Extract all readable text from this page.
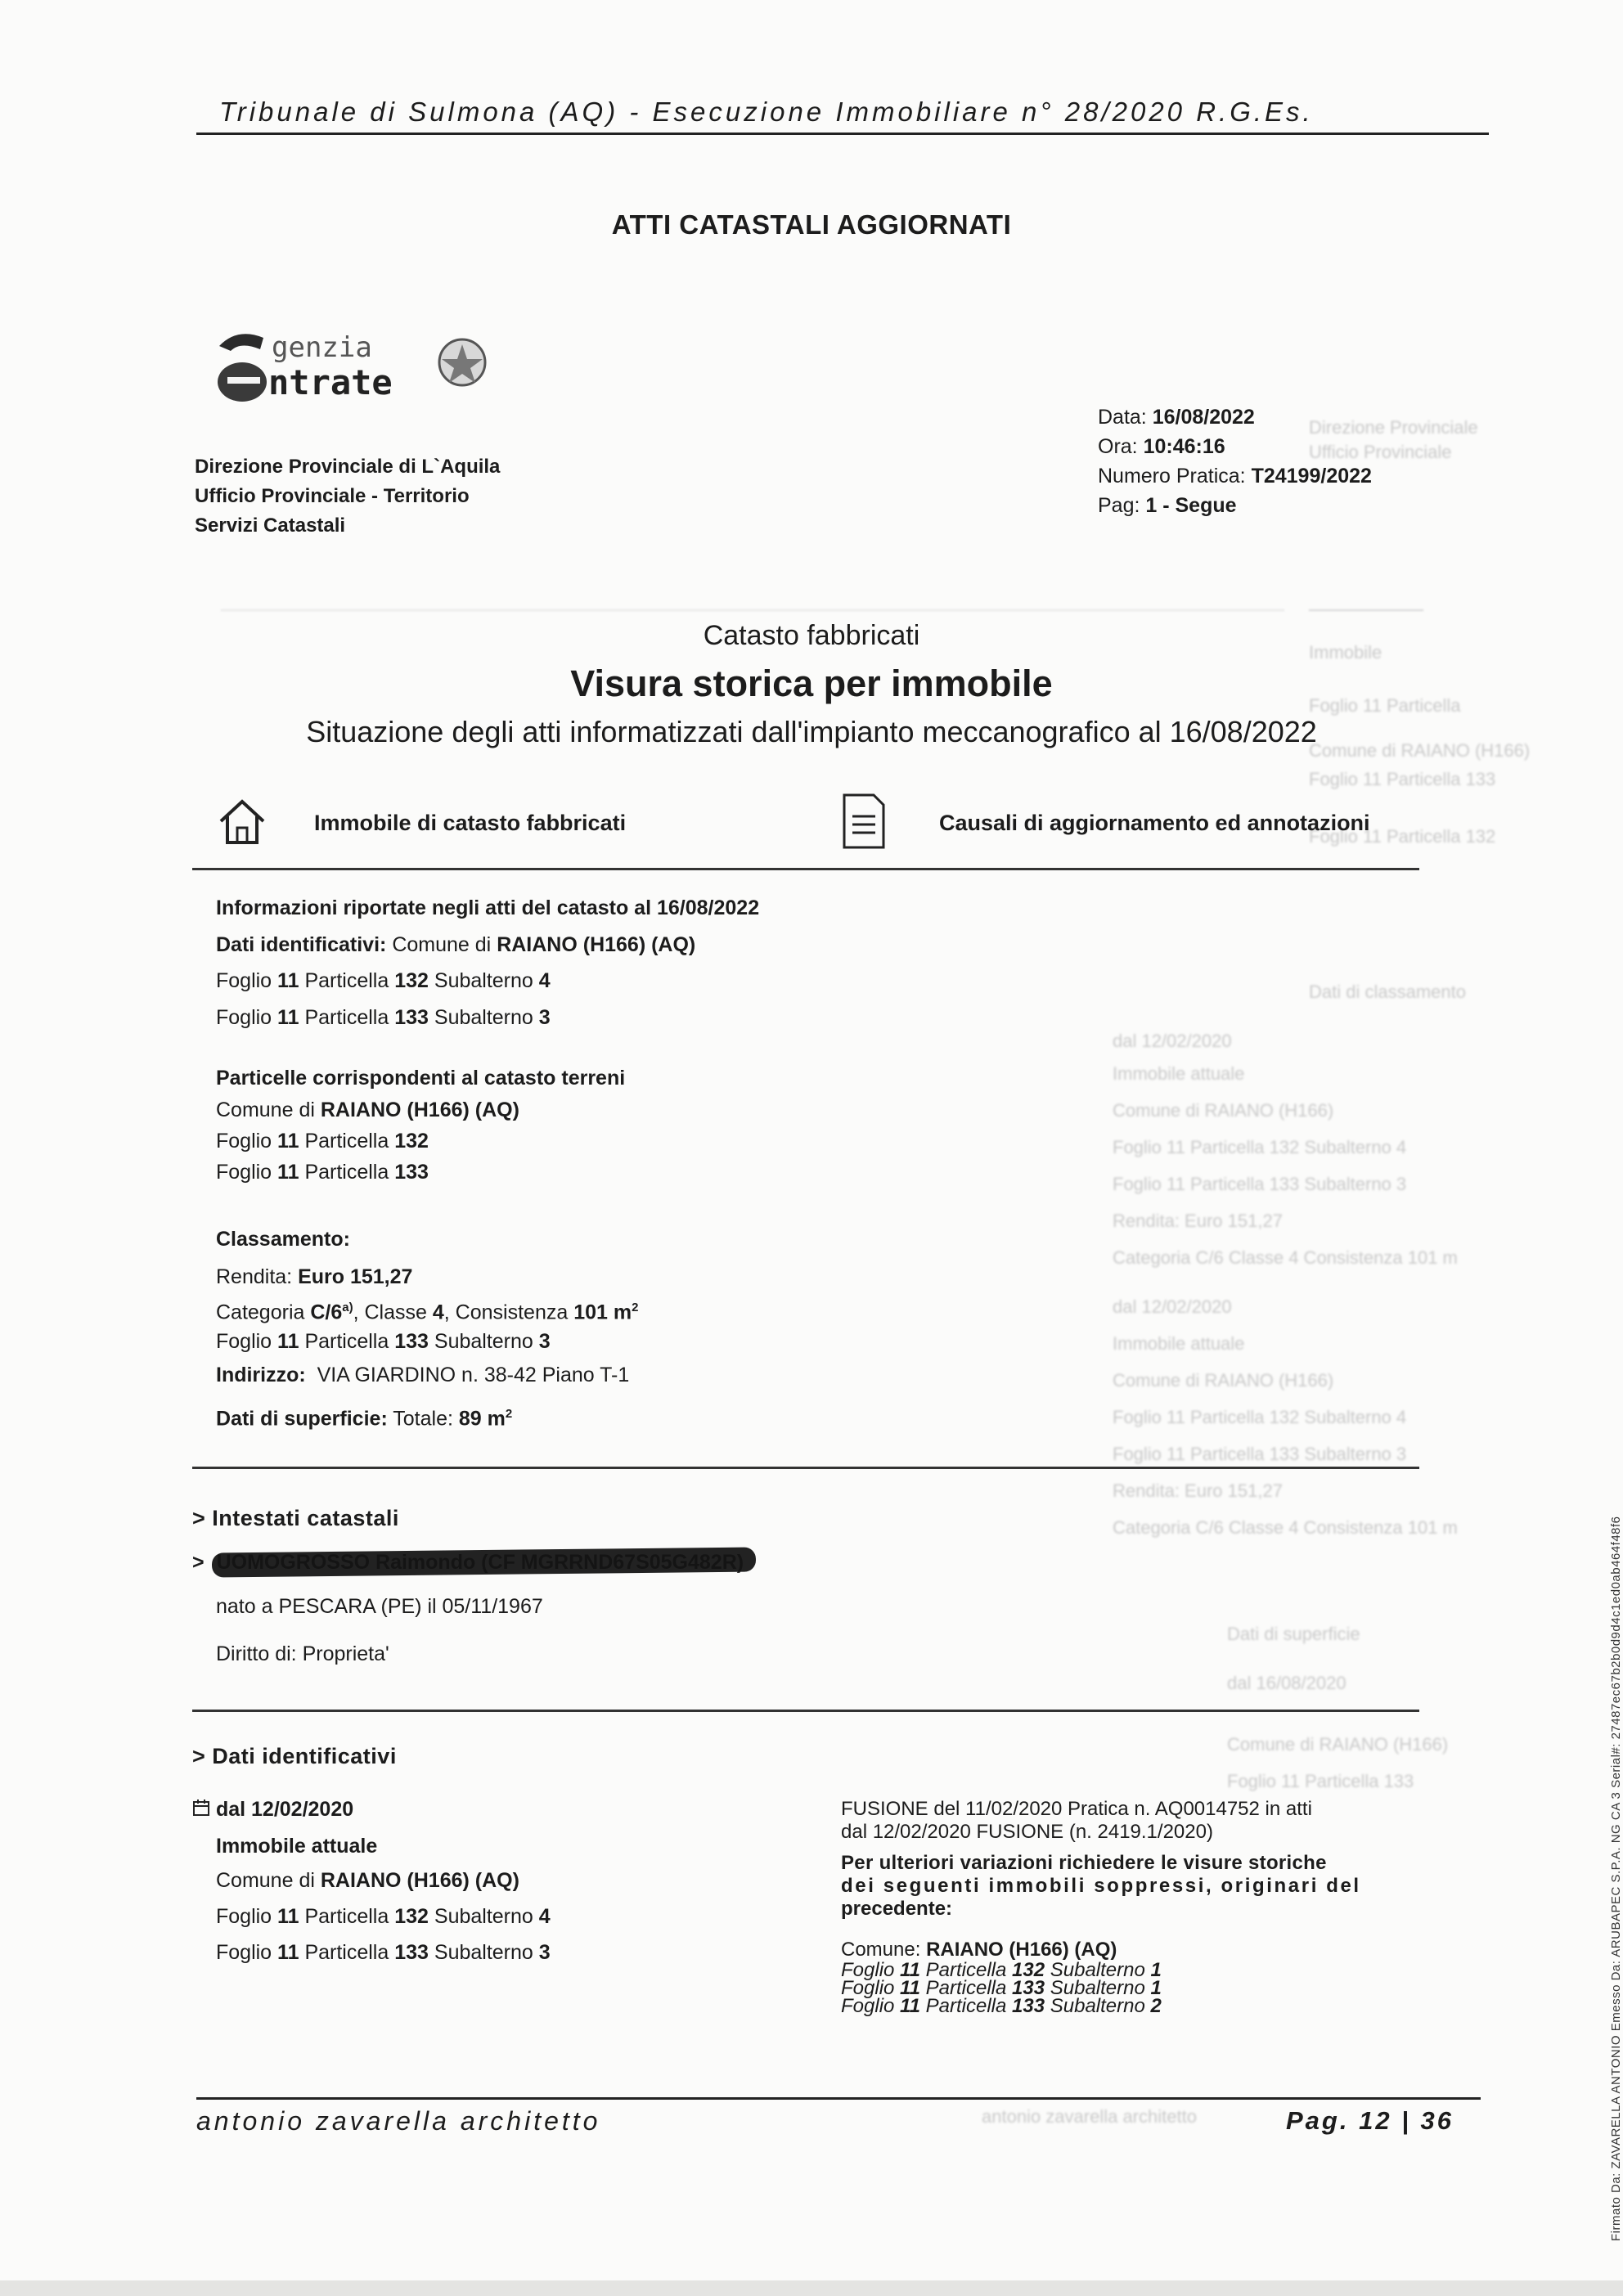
Direzione Provinciale
Ufficio Provinciale
Immobile
Foglio 11 Particella
Comune di RAIANO (H166)
Foglio 11 Particella 133
Foglio 11 Particella 132
Dati di classamento
dal 12/02/2020
Immobile attuale
Comune di RAIANO (H166)
Foglio 11 Particella 132 Subalterno 4
Foglio 11 Particella 133 Subalterno 3
Rendita: Euro 151,27
Categoria C/6 Classe 4 Consistenza 101 m
dal 12/02/2020
Immobile attuale
Comune di RAIANO (H166)
Foglio 11 Particella 132 Subalterno 4
Foglio 11 Particella 133 Subalterno 3
Rendita: Euro 151,27
Categoria C/6 Classe 4 Consistenza 101 m
Dati di superficie
dal 16/08/2020
Comune di RAIANO (H166)
Foglio 11 Particella 133
antonio zavarella architetto
Tribunale di Sulmona (AQ) - Esecuzione Immobiliare n° 28/2020 R.G.Es.
ATTI CATASTALI AGGIORNATI
genzia
ntrate
Direzione Provinciale di L`Aquila
Ufficio Provinciale - Territorio
Servizi Catastali
Data: 16/08/2022
Ora: 10:46:16
Numero Pratica: T24199/2022
Pag: 1 - Segue
Catasto fabbricati
Visura storica per immobile
Situazione degli atti informatizzati dall'impianto meccanografico al 16/08/2022
Immobile di catasto fabbricati	Causali di aggiornamento ed annotazioni
Informazioni riportate negli atti del catasto al 16/08/2022
Dati identificativi: Comune di RAIANO (H166) (AQ)
Foglio 11 Particella 132 Subalterno 4
Foglio 11 Particella 133 Subalterno 3
Particelle corrispondenti al catasto terreni
Comune di RAIANO (H166) (AQ)
Foglio 11 Particella 132
Foglio 11 Particella 133
Classamento:
Rendita: Euro 151,27
Categoria C/6$^{a)}$, Classe 4, Consistenza 101 $m^2$
Foglio 11 Particella 133 Subalterno 3
Indirizzo: VIA GIARDINO n. 38-42 Piano T-1
Dati di superficie: Totale: 89 $m^2$
> Intestati catastali
>
nato a PESCARA (PE) il 05/11/1967
Diritto di: Proprieta'
> Dati identificativi
dal 12/02/2020
Immobile attuale
Comune di RAIANO (H166) (AQ)
Foglio 11 Particella 132 Subalterno 4
Foglio 11 Particella 133 Subalterno 3
FUSIONE del 11/02/2020 Pratica n. AQ0014752 in atti
dal 12/02/2020 FUSIONE (n. 2419.1/2020)
Per ulteriori variazioni richiedere le visure storiche
dei seguenti immobili soppressi, originari del
precedente:
Comune: RAIANO (H166) (AQ)
Foglio 11 Particella 132 Subalterno 1
Foglio 11 Particella 133 Subalterno 1
Foglio 11 Particella 133 Subalterno 2
antonio zavarella architetto	Pag. 12 | 36	Firmato Da: ZAVARELLA ANTONIO Emesso Da: ARUBAPEC S.P.A. NG CA 3 Serial#: 27487ec67b2b0d9d4c1ed0ab464f48f6
